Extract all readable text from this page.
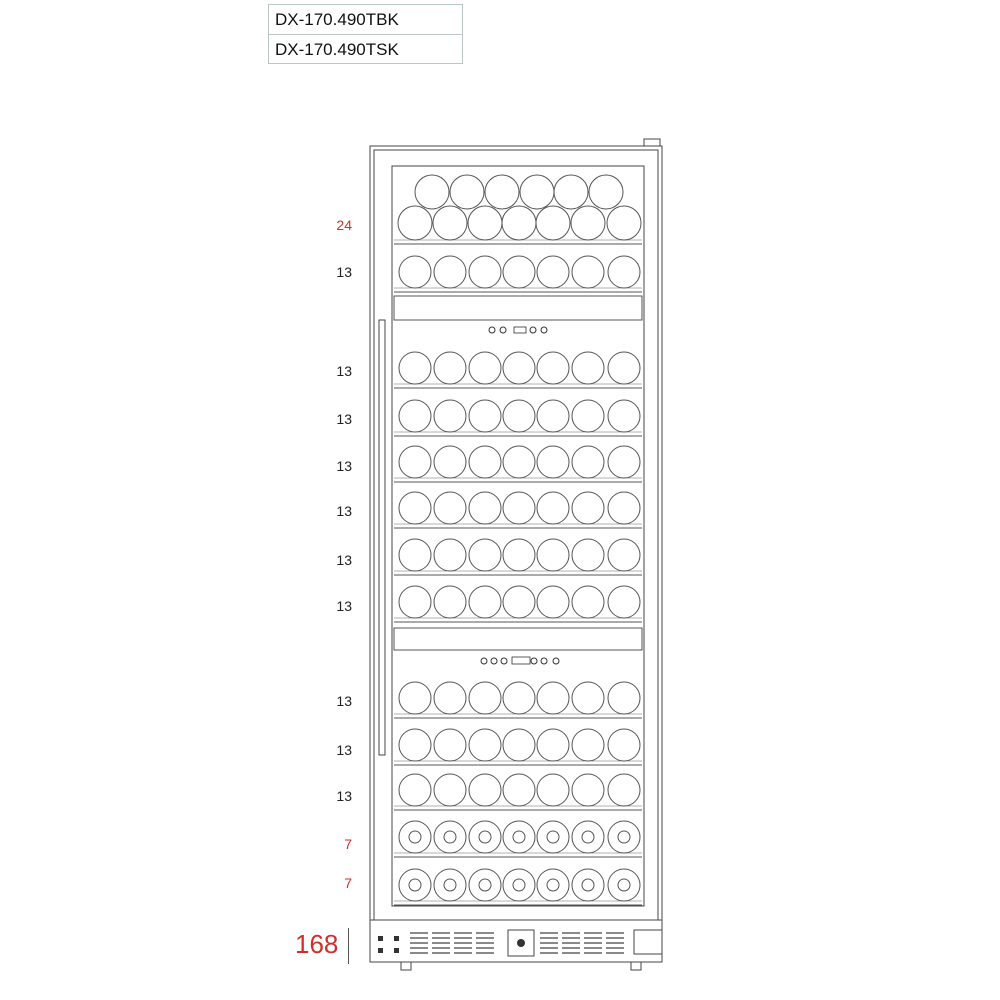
DX-170.490TBK
DX-170.490TSK
24
13
13
13
13
13
13
13
13
13
13
7
7
168
